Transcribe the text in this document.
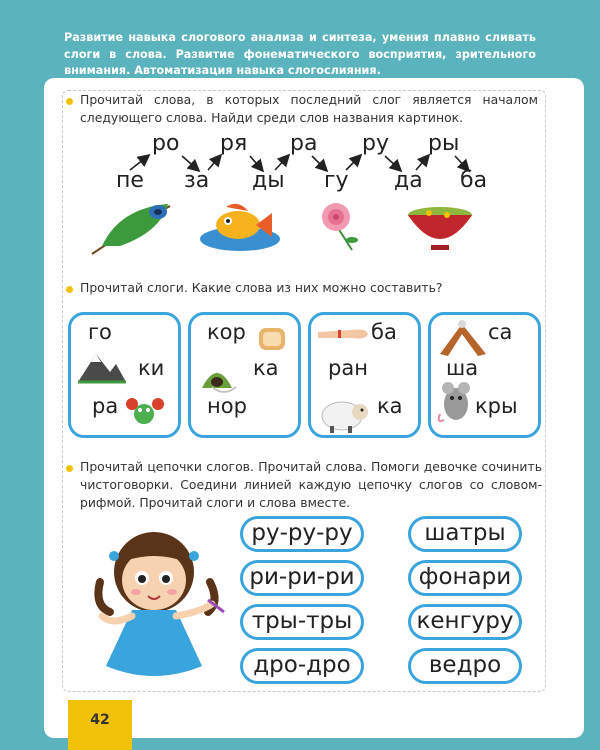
Развитие навыка слогового анализа и синтеза, умения плавно сливать слоги в слова. Развитие фонематического восприятия, зрительного внимания. Автоматизация навыка слогослияния.
Прочитай слова, в которых последний слог является началом следующего слова. Найди среди слов названия картинок.
ро ря ра ру ры
пе за ды гу да ба
Прочитай слоги. Какие слова из них можно составить?
го
ки
ра
кор
ка
нор
ба
ран
ка
са
ша
кры
Прочитай цепочки слогов. Прочитай слова. Помоги девочке сочинить чистоговорки. Соедини линией каждую цепочку слогов со словом-рифмой. Прочитай слоги и слова вместе.
ру-ру-ру
ри-ри-ри
тры-тры
дро-дро
шатры
фонари
кенгуру
ведро
42
